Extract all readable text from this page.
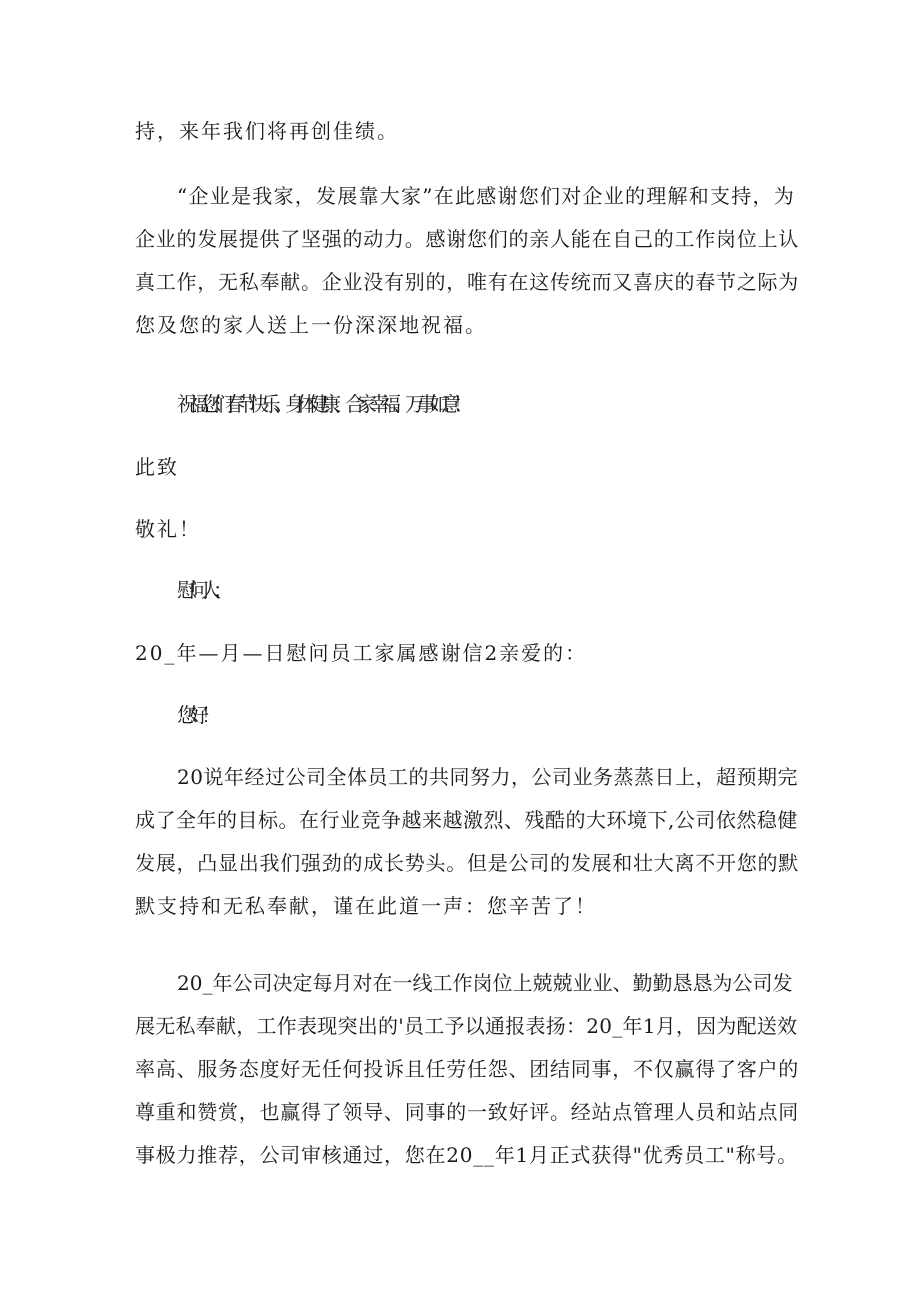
持，来年我们将再创佳绩。
“企业是我家，发展靠大家”在此感谢您们对企业的理解和支持，为
企业的发展提供了坚强的动力。感谢您们的亲人能在自己的工作岗位上认
真工作，无私奉献。企业没有别的，唯有在这传统而又喜庆的春节之际为
您及您的家人送上一份深深地祝福。
祝福您们春节快乐、身体健康、合家幸福、万事如意！
此致
敬礼！
慰问人：
20_年—月—日慰问员工家属感谢信2亲爱的：
您好！
20说年经过公司全体员工的共同努力，公司业务蒸蒸日上，超预期完
成了全年的目标。在行业竞争越来越激烈、残酷的大环境下,公司依然稳健
发展，凸显出我们强劲的成长势头。但是公司的发展和壮大离不开您的默
默支持和无私奉献，谨在此道一声：您辛苦了！
20_年公司决定每月对在一线工作岗位上兢兢业业、勤勤恳恳为公司发
展无私奉献，工作表现突出的'员工予以通报表扬：20_年1月，因为配送效
率高、服务态度好无任何投诉且任劳任怨、团结同事，不仅赢得了客户的
尊重和赞赏，也赢得了领导、同事的一致好评。经站点管理人员和站点同
事极力推荐，公司审核通过，您在20__年1月正式获得"优秀员工"称号。
